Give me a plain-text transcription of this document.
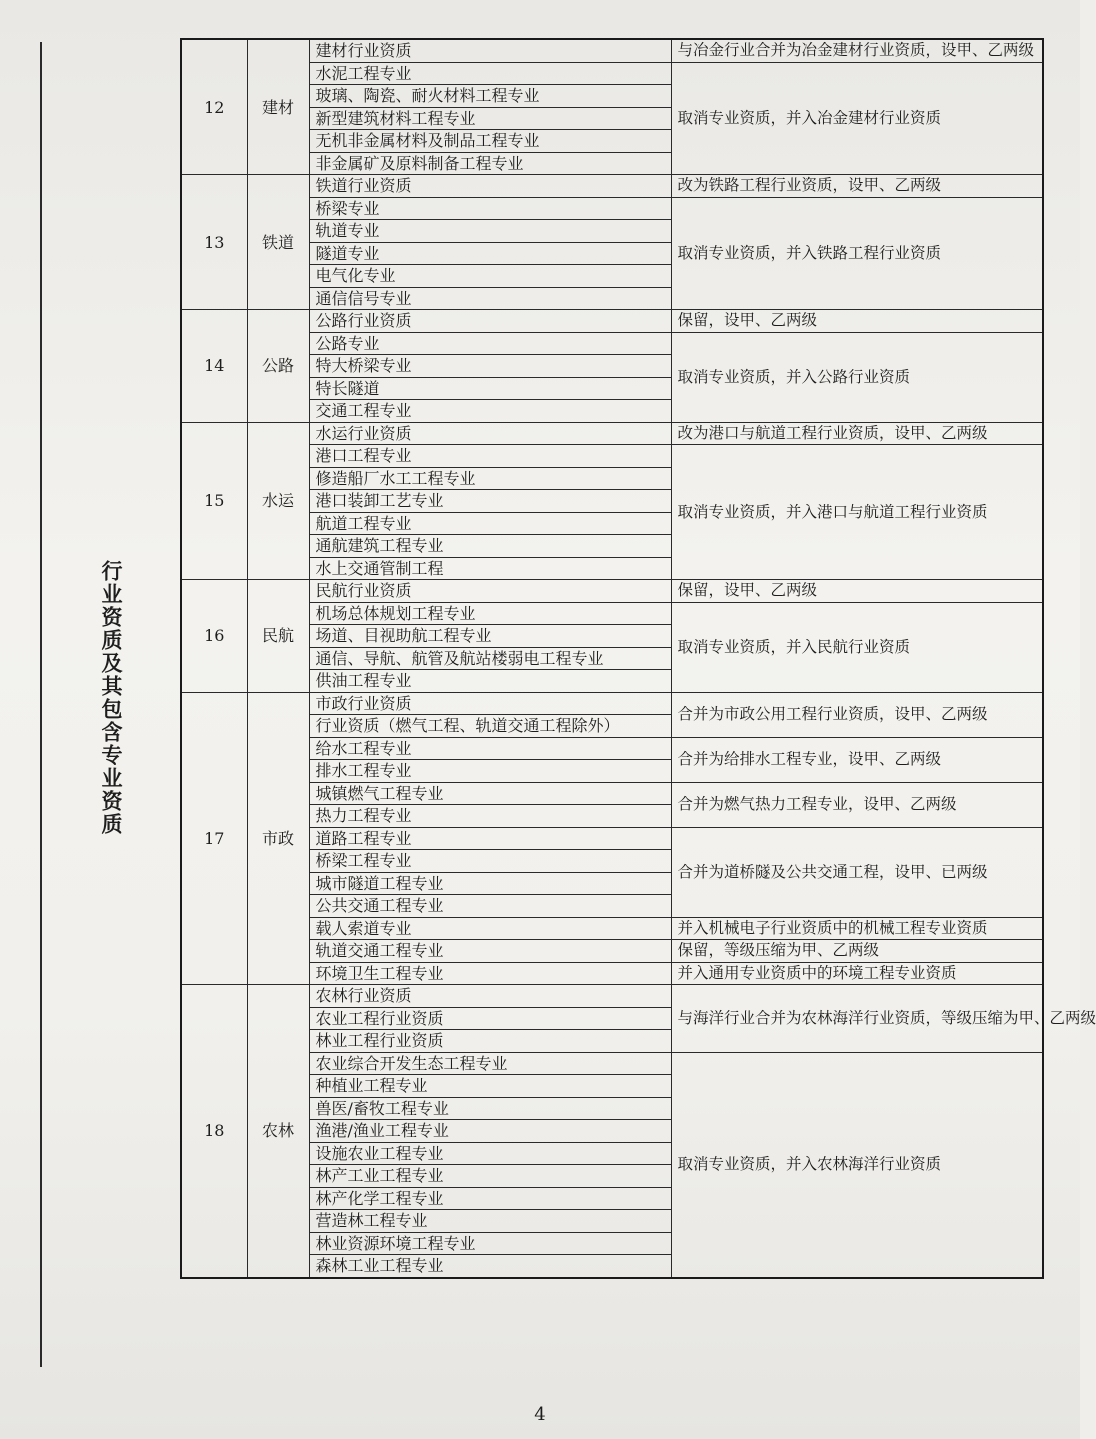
行业资质及其包含专业资质
12	建材	建材行业资质	与冶金行业合并为冶金建材行业资质，设甲、乙两级
		水泥工程专业	取消专业资质，并入冶金建材行业资质
		玻璃、陶瓷、耐火材料工程专业	
		新型建筑材料工程专业	
		无机非金属材料及制品工程专业	
		非金属矿及原料制备工程专业	
13	铁道	铁道行业资质	改为铁路工程行业资质，设甲、乙两级
		桥梁专业	取消专业资质，并入铁路工程行业资质
		轨道专业	
		隧道专业	
		电气化专业	
		通信信号专业	
14	公路	公路行业资质	保留，设甲、乙两级
		公路专业	取消专业资质，并入公路行业资质
		特大桥梁专业	
		特长隧道	
		交通工程专业	
15	水运	水运行业资质	改为港口与航道工程行业资质，设甲、乙两级
		港口工程专业	取消专业资质，并入港口与航道工程行业资质
		修造船厂水工工程专业	
		港口装卸工艺专业	
		航道工程专业	
		通航建筑工程专业	
		水上交通管制工程	
16	民航	民航行业资质	保留，设甲、乙两级
		机场总体规划工程专业	取消专业资质，并入民航行业资质
		场道、目视助航工程专业	
		通信、导航、航管及航站楼弱电工程专业	
		供油工程专业	
17	市政	市政行业资质	合并为市政公用工程行业资质，设甲、乙两级
		行业资质（燃气工程、轨道交通工程除外）	
		给水工程专业	合并为给排水工程专业，设甲、乙两级
		排水工程专业	
		城镇燃气工程专业	合并为燃气热力工程专业，设甲、乙两级
		热力工程专业	
		道路工程专业	合并为道桥隧及公共交通工程，设甲、已两级
		桥梁工程专业	
		城市隧道工程专业	
		公共交通工程专业	
		载人索道专业	并入机械电子行业资质中的机械工程专业资质
		轨道交通工程专业	保留，等级压缩为甲、乙两级
		环境卫生工程专业	并入通用专业资质中的环境工程专业资质
18	农林	农林行业资质	与海洋行业合并为农林海洋行业资质，等级压缩为甲、乙两级
		农业工程行业资质	
		林业工程行业资质	
		农业综合开发生态工程专业	取消专业资质，并入农林海洋行业资质
		种植业工程专业	
		兽医/畜牧工程专业	
		渔港/渔业工程专业	
		设施农业工程专业	
		林产工业工程专业	
		林产化学工程专业	
		营造林工程专业	
		林业资源环境工程专业	
		森林工业工程专业	
4
